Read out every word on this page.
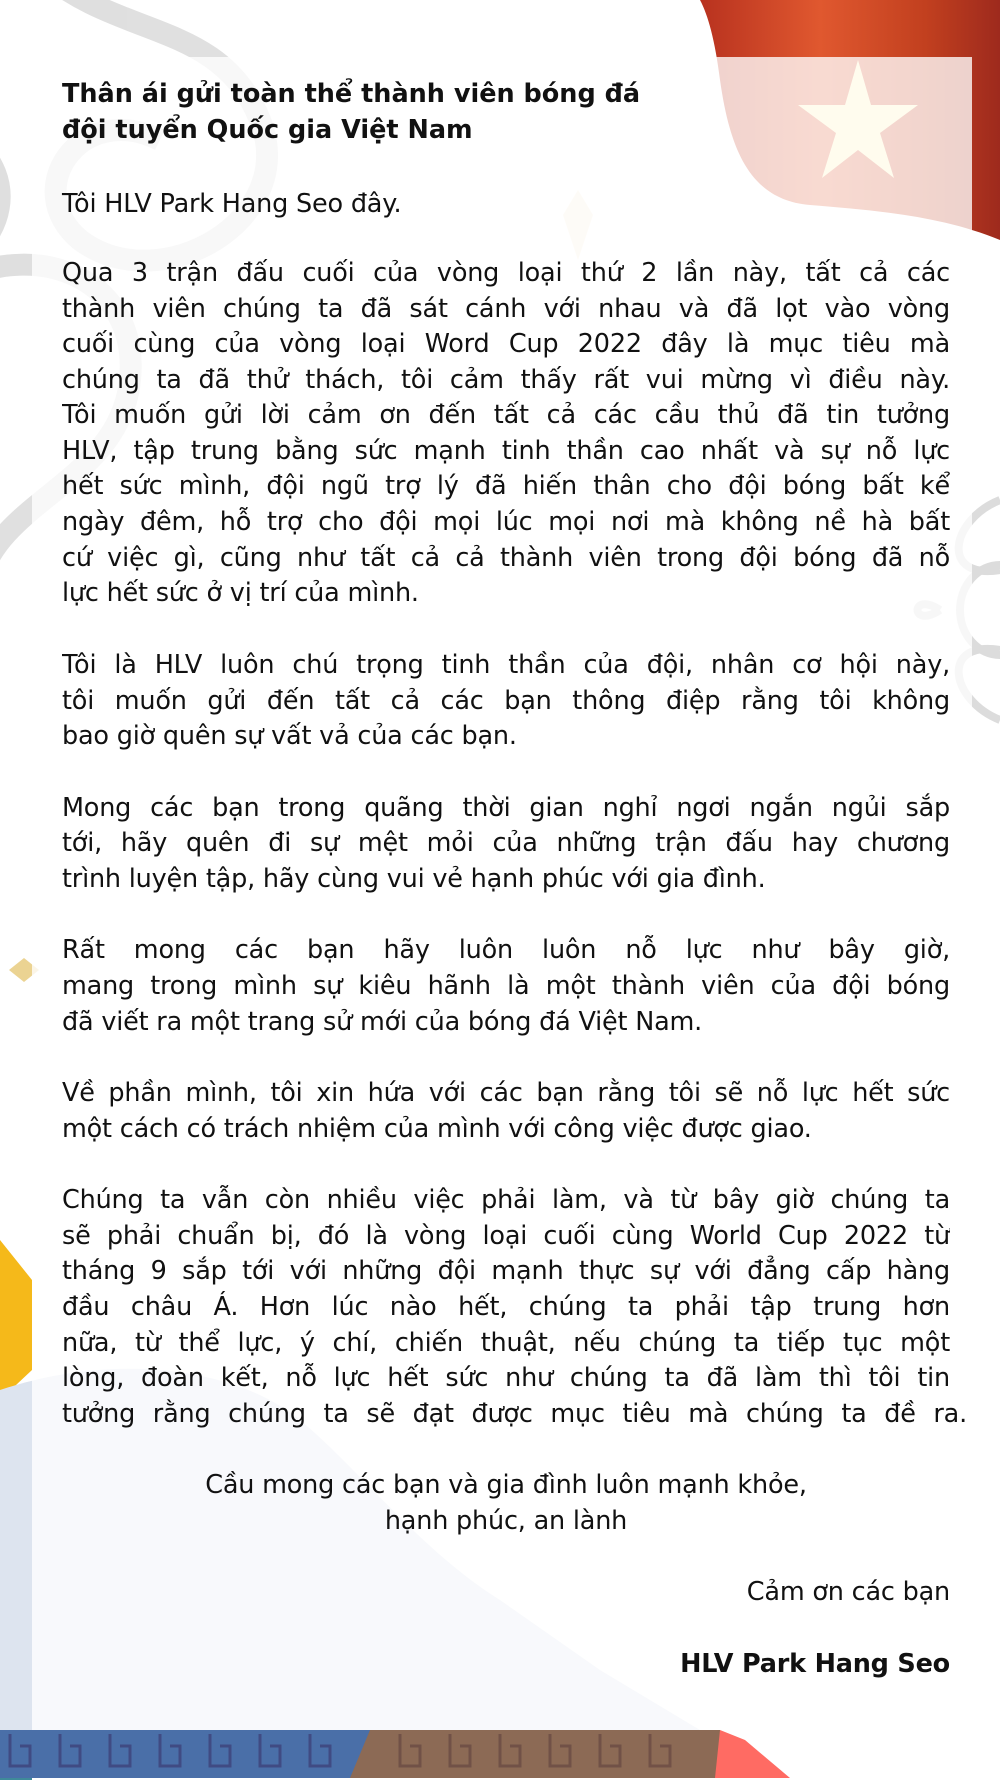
Thân ái gửi toàn thể thành viên bóng đá
đội tuyển Quốc gia Việt Nam
Tôi HLV Park Hang Seo đây.
Qua 3 trận đấu cuối của vòng loại thứ 2 lần này, tất cả các
thành viên chúng ta đã sát cánh với nhau và đã lọt vào vòng
cuối cùng của vòng loại Word Cup 2022 đây là mục tiêu mà
chúng ta đã thử thách, tôi cảm thấy rất vui mừng vì điều này.
Tôi muốn gửi lời cảm ơn đến tất cả các cầu thủ đã tin tưởng
HLV, tập trung bằng sức mạnh tinh thần cao nhất và sự nỗ lực
hết sức mình, đội ngũ trợ lý đã hiến thân cho đội bóng bất kể
ngày đêm, hỗ trợ cho đội mọi lúc mọi nơi mà không nề hà bất
cứ việc gì, cũng như tất cả cả thành viên trong đội bóng đã nỗ
lực hết sức ở vị trí của mình.
Tôi là HLV luôn chú trọng tinh thần của đội, nhân cơ hội này,
tôi muốn gửi đến tất cả các bạn thông điệp rằng tôi không
bao giờ quên sự vất vả của các bạn.
Mong các bạn trong quãng thời gian nghỉ ngơi ngắn ngủi sắp
tới, hãy quên đi sự mệt mỏi của những trận đấu hay chương
trình luyện tập, hãy cùng vui vẻ hạnh phúc với gia đình.
Rất mong các bạn hãy luôn luôn nỗ lực như bây giờ,
mang trong mình sự kiêu hãnh là một thành viên của đội bóng
đã viết ra một trang sử mới của bóng đá Việt Nam.
Về phần mình, tôi xin hứa với các bạn rằng tôi sẽ nỗ lực hết sức
một cách có trách nhiệm của mình với công việc được giao.
Chúng ta vẫn còn nhiều việc phải làm, và từ bây giờ chúng ta
sẽ phải chuẩn bị, đó là vòng loại cuối cùng World Cup 2022 từ
tháng 9 sắp tới với những đội mạnh thực sự với đẳng cấp hàng
đầu châu Á. Hơn lúc nào hết, chúng ta phải tập trung hơn
nữa, từ thể lực, ý chí, chiến thuật, nếu chúng ta tiếp tục một
lòng, đoàn kết, nỗ lực hết sức như chúng ta đã làm thì tôi tin
tưởng rằng chúng ta sẽ đạt được mục tiêu mà chúng ta đề ra.
Cầu mong các bạn và gia đình luôn mạnh khỏe,
hạnh phúc, an lành
Cảm ơn các bạn
HLV Park Hang Seo
